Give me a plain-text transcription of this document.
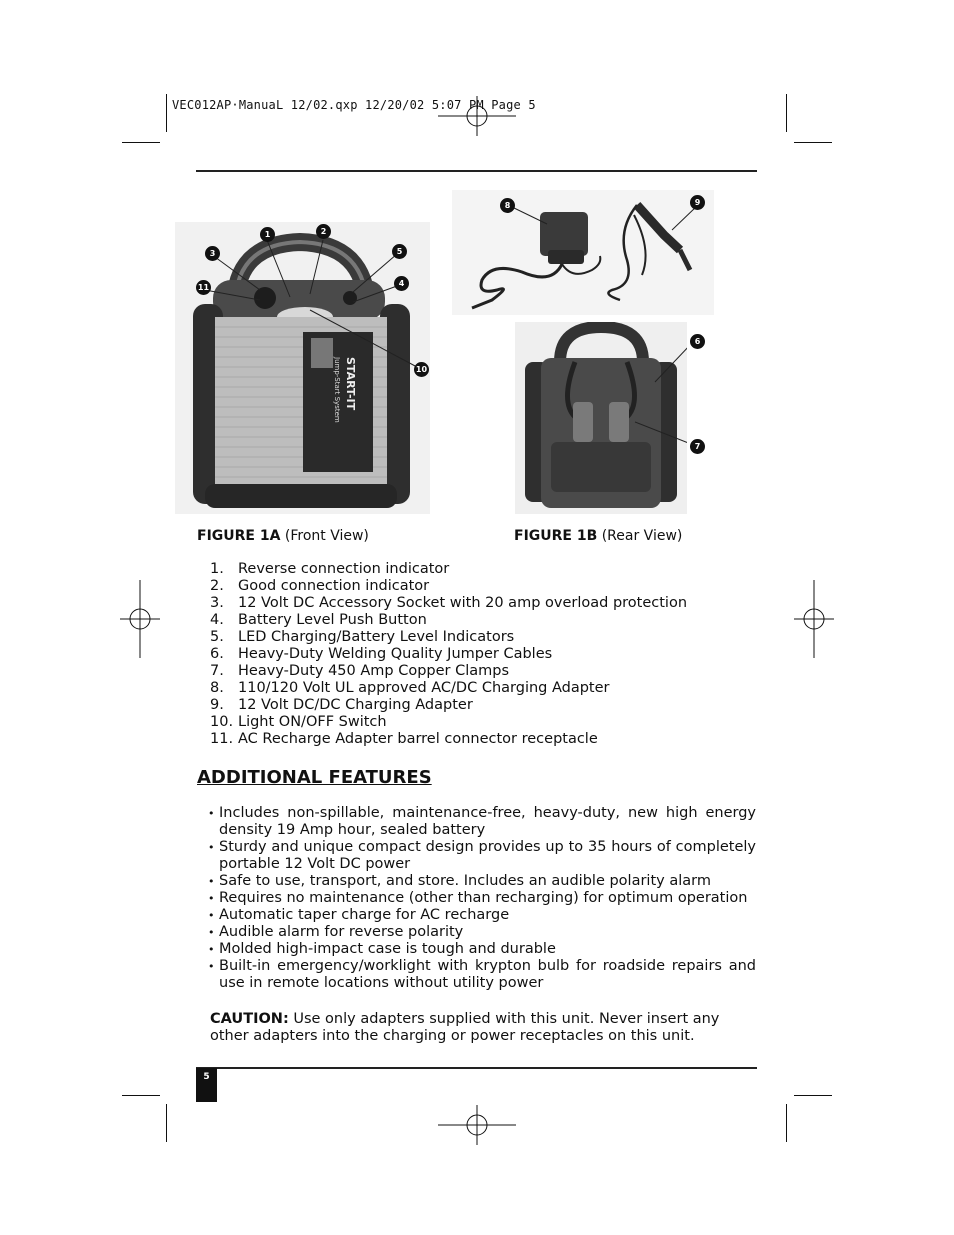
VEC012AP·ManuaL 12/02.qxp 12/20/02 5:07 PM Page 5
START-IT
Jump-Start System
1	2
3	5
11	4
10
8	9
6
7
FIGURE 1A (Front View)	FIGURE 1B (Rear View)
1. Reverse connection indicator
2. Good connection indicator
3. 12 Volt DC Accessory Socket with 20 amp overload protection
4. Battery Level Push Button
5. LED Charging/Battery Level Indicators
6. Heavy-Duty Welding Quality Jumper Cables
7. Heavy-Duty 450 Amp Copper Clamps
8. 110/120 Volt UL approved AC/DC Charging Adapter
9. 12 Volt DC/DC Charging Adapter
10. Light ON/OFF Switch
11. AC Recharge Adapter barrel connector receptacle
ADDITIONAL FEATURES
• Includes non-spillable, maintenance-free, heavy-duty, new high energy density 19 Amp hour, sealed battery
• Sturdy and unique compact design provides up to 35 hours of completely portable 12 Volt DC power
• Safe to use, transport, and store. Includes an audible polarity alarm
• Requires no maintenance (other than recharging) for optimum operation
• Automatic taper charge for AC recharge
• Audible alarm for reverse polarity
• Molded high-impact case is tough and durable
• Built-in emergency/worklight with krypton bulb for roadside repairs and use in remote locations without utility power
CAUTION: Use only adapters supplied with this unit. Never insert any other adapters into the charging or power receptacles on this unit.
5
